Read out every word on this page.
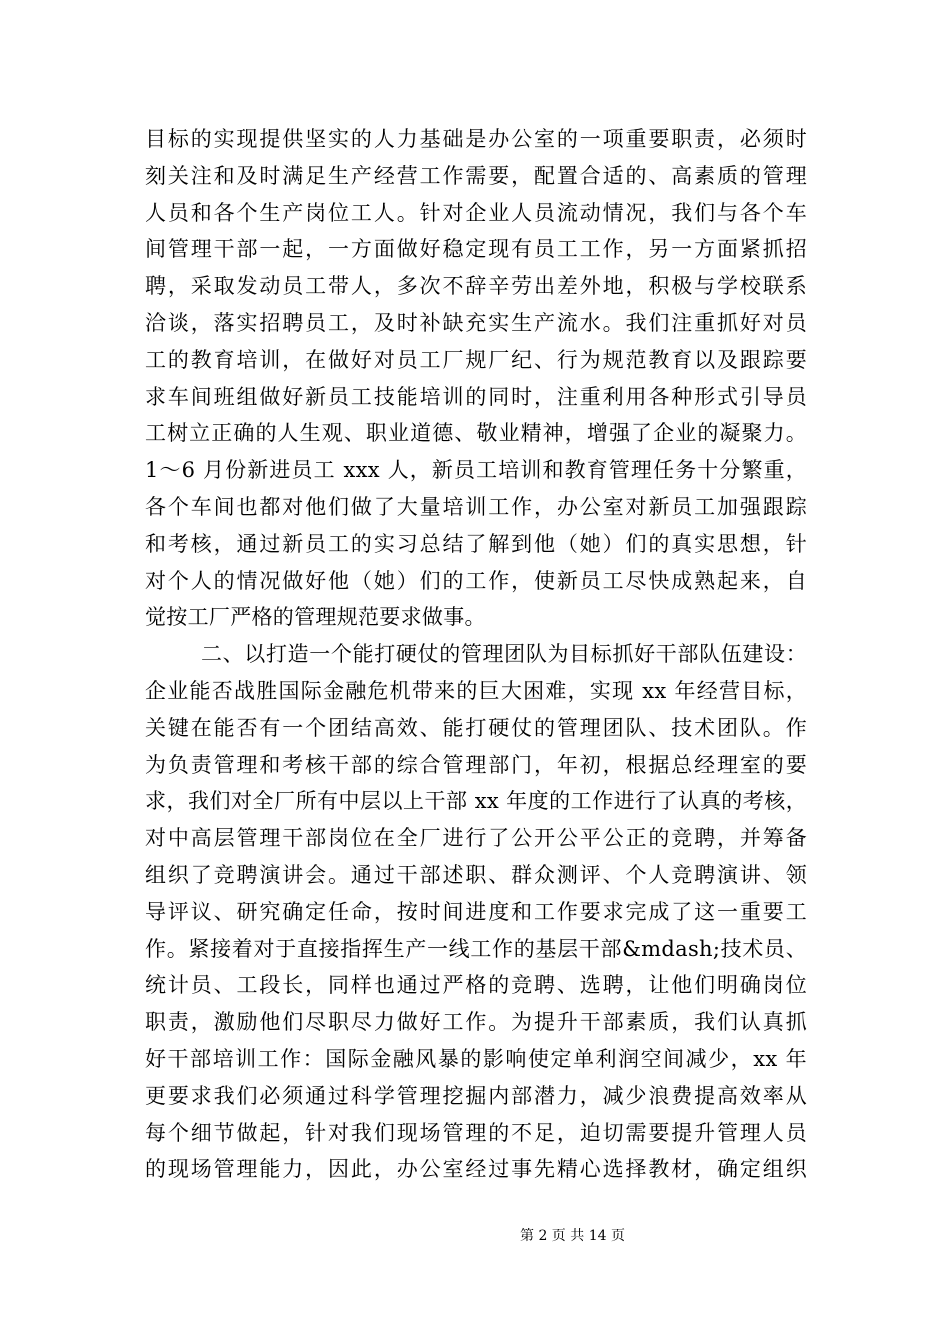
目标的实现提供坚实的人力基础是办公室的一项重要职责，必须时
刻关注和及时满足生产经营工作需要，配置合适的、高素质的管理
人员和各个生产岗位工人。针对企业人员流动情况，我们与各个车
间管理干部一起，一方面做好稳定现有员工工作，另一方面紧抓招
聘，采取发动员工带人，多次不辞辛劳出差外地，积极与学校联系
洽谈，落实招聘员工，及时补缺充实生产流水。我们注重抓好对员
工的教育培训，在做好对员工厂规厂纪、行为规范教育以及跟踪要
求车间班组做好新员工技能培训的同时，注重利用各种形式引导员
工树立正确的人生观、职业道德、敬业精神，增强了企业的凝聚力。
1～6 月份新进员工 xxx 人，新员工培训和教育管理任务十分繁重，
各个车间也都对他们做了大量培训工作，办公室对新员工加强跟踪
和考核，通过新员工的实习总结了解到他（她）们的真实思想，针
对个人的情况做好他（她）们的工作，使新员工尽快成熟起来，自
觉按工厂严格的管理规范要求做事。
二、以打造一个能打硬仗的管理团队为目标抓好干部队伍建设：
企业能否战胜国际金融危机带来的巨大困难，实现 xx 年经营目标，
关键在能否有一个团结高效、能打硬仗的管理团队、技术团队。作
为负责管理和考核干部的综合管理部门，年初，根据总经理室的要
求，我们对全厂所有中层以上干部 xx 年度的工作进行了认真的考核，
对中高层管理干部岗位在全厂进行了公开公平公正的竞聘，并筹备
组织了竞聘演讲会。通过干部述职、群众测评、个人竞聘演讲、领
导评议、研究确定任命，按时间进度和工作要求完成了这一重要工
作。紧接着对于直接指挥生产一线工作的基层干部&mdash;技术员、
统计员、工段长，同样也通过严格的竞聘、选聘，让他们明确岗位
职责，激励他们尽职尽力做好工作。为提升干部素质，我们认真抓
好干部培训工作：国际金融风暴的影响使定单利润空间减少，xx 年
更要求我们必须通过科学管理挖掘内部潜力，减少浪费提高效率从
每个细节做起，针对我们现场管理的不足，迫切需要提升管理人员
的现场管理能力，因此，办公室经过事先精心选择教材，确定组织
第 2 页 共 14 页
